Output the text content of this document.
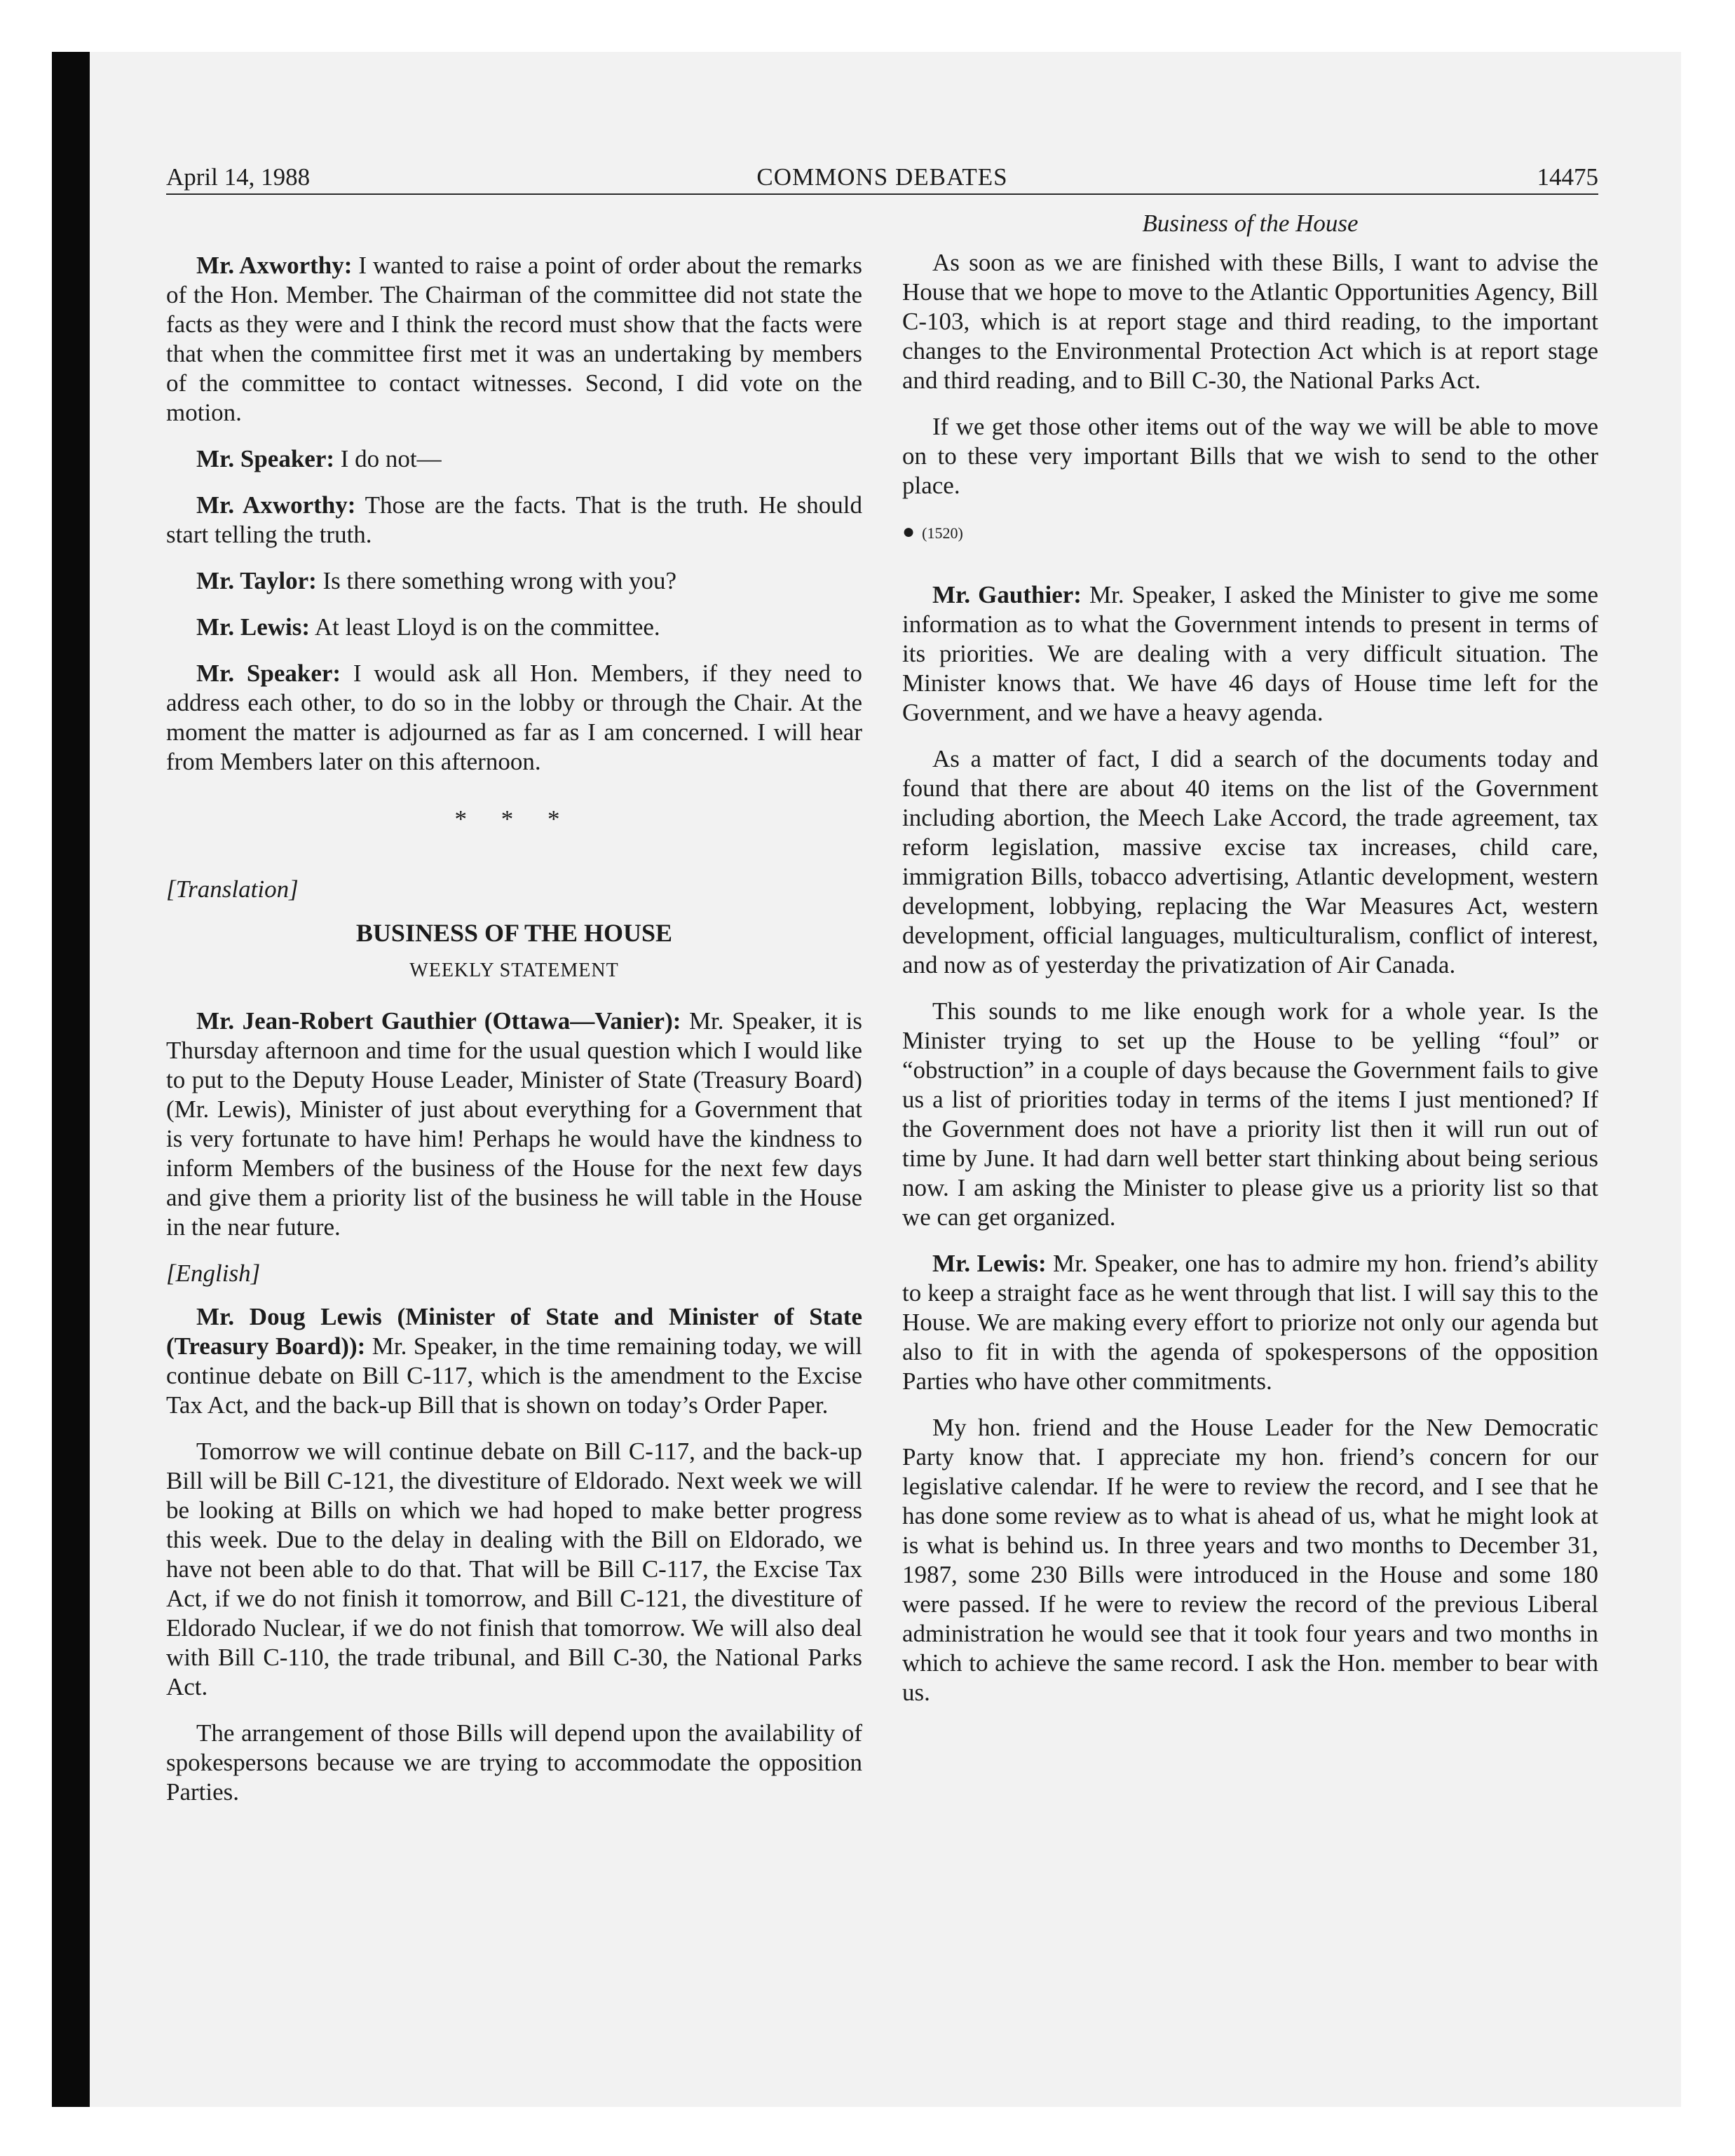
April 14, 1988	COMMONS DEBATES	14475

Mr. Axworthy: I wanted to raise a point of order about the remarks of the Hon. Member. The Chairman of the committee did not state the facts as they were and I think the record must show that the facts were that when the committee first met it was an undertaking by members of the committee to contact witnesses. Second, I did vote on the motion.

Mr. Speaker: I do not—

Mr. Axworthy: Those are the facts. That is the truth. He should start telling the truth.

Mr. Taylor: Is there something wrong with you?

Mr. Lewis: At least Lloyd is on the committee.

Mr. Speaker: I would ask all Hon. Members, if they need to address each other, to do so in the lobby or through the Chair. At the moment the matter is adjourned as far as I am concerned. I will hear from Members later on this afternoon.

* * *
[Translation]
BUSINESS OF THE HOUSE
WEEKLY STATEMENT

Mr. Jean-Robert Gauthier (Ottawa—Vanier): Mr. Speaker, it is Thursday afternoon and time for the usual question which I would like to put to the Deputy House Leader, Minister of State (Treasury Board) (Mr. Lewis), Minister of just about everything for a Government that is very fortunate to have him! Perhaps he would have the kindness to inform Members of the business of the House for the next few days and give them a priority list of the business he will table in the House in the near future.

[English]

Mr. Doug Lewis (Minister of State and Minister of State (Treasury Board)): Mr. Speaker, in the time remaining today, we will continue debate on Bill C-117, which is the amendment to the Excise Tax Act, and the back-up Bill that is shown on today’s Order Paper.

Tomorrow we will continue debate on Bill C-117, and the back-up Bill will be Bill C-121, the divestiture of Eldorado. Next week we will be looking at Bills on which we had hoped to make better progress this week. Due to the delay in dealing with the Bill on Eldorado, we have not been able to do that. That will be Bill C-117, the Excise Tax Act, if we do not finish it tomorrow, and Bill C-121, the divestiture of Eldorado Nuclear, if we do not finish that tomorrow. We will also deal with Bill C-110, the trade tribunal, and Bill C-30, the National Parks Act.

The arrangement of those Bills will depend upon the availability of spokespersons because we are trying to accommodate the opposition Parties.

Business of the House

As soon as we are finished with these Bills, I want to advise the House that we hope to move to the Atlantic Opportunities Agency, Bill C-103, which is at report stage and third reading, to the important changes to the Environmental Protection Act which is at report stage and third reading, and to Bill C-30, the National Parks Act.

If we get those other items out of the way we will be able to move on to these very important Bills that we wish to send to the other place.

● (1520)

Mr. Gauthier: Mr. Speaker, I asked the Minister to give me some information as to what the Government intends to present in terms of its priorities. We are dealing with a very difficult situation. The Minister knows that. We have 46 days of House time left for the Government, and we have a heavy agenda.

As a matter of fact, I did a search of the documents today and found that there are about 40 items on the list of the Government including abortion, the Meech Lake Accord, the trade agreement, tax reform legislation, massive excise tax increases, child care, immigration Bills, tobacco advertising, Atlantic development, western development, lobbying, replacing the War Measures Act, western development, official languages, multiculturalism, conflict of interest, and now as of yesterday the privatization of Air Canada.

This sounds to me like enough work for a whole year. Is the Minister trying to set up the House to be yelling “foul” or “obstruction” in a couple of days because the Government fails to give us a list of priorities today in terms of the items I just mentioned? If the Government does not have a priority list then it will run out of time by June. It had darn well better start thinking about being serious now. I am asking the Minister to please give us a priority list so that we can get organized.

Mr. Lewis: Mr. Speaker, one has to admire my hon. friend’s ability to keep a straight face as he went through that list. I will say this to the House. We are making every effort to priorize not only our agenda but also to fit in with the agenda of spokespersons of the opposition Parties who have other commitments.

My hon. friend and the House Leader for the New Democratic Party know that. I appreciate my hon. friend’s concern for our legislative calendar. If he were to review the record, and I see that he has done some review as to what is ahead of us, what he might look at is what is behind us. In three years and two months to December 31, 1987, some 230 Bills were introduced in the House and some 180 were passed. If he were to review the record of the previous Liberal administration he would see that it took four years and two months in which to achieve the same record. I ask the Hon. member to bear with us.
